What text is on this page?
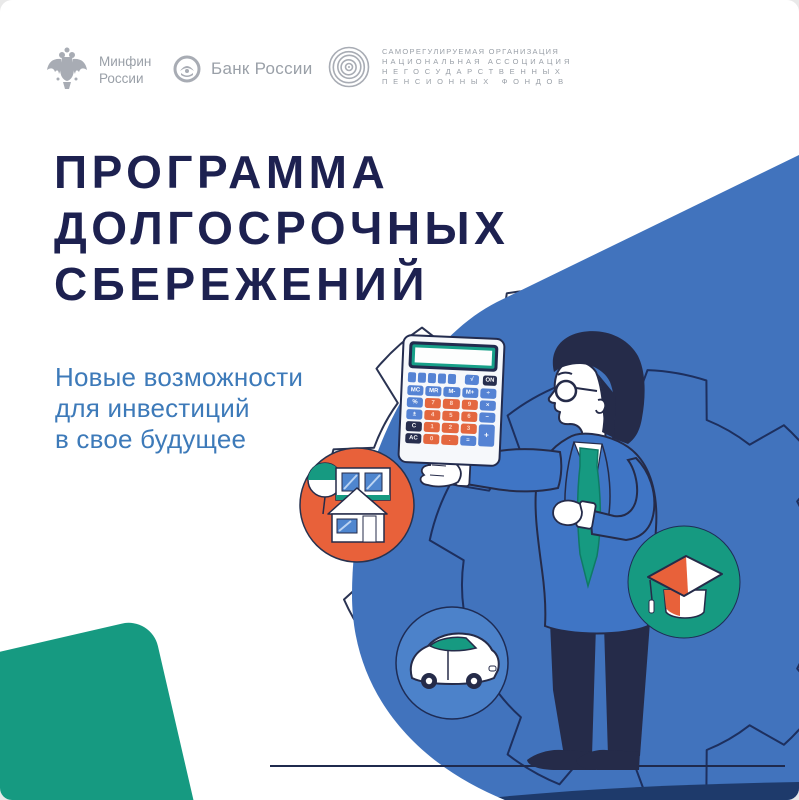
Минфин
России
Банк России
САМОРЕГУЛИРУЕМАЯ ОРГАНИЗАЦИЯ
НАЦИОНАЛЬНАЯ АССОЦИАЦИЯ
НЕГОСУДАРСТВЕННЫХ
ПЕНСИОННЫХ ФОНДОВ
ПРОГРАММА
ДОЛГОСРОЧНЫХ
СБЕРЕЖЕНИЙ
Новые возможности
для инвестиций
в свое будущее
√	ON
MC	MR	M-	M+	÷
%	7	8	9	×
±	4	5	6	−
C	1	2	3
+
AC	0	.	=
